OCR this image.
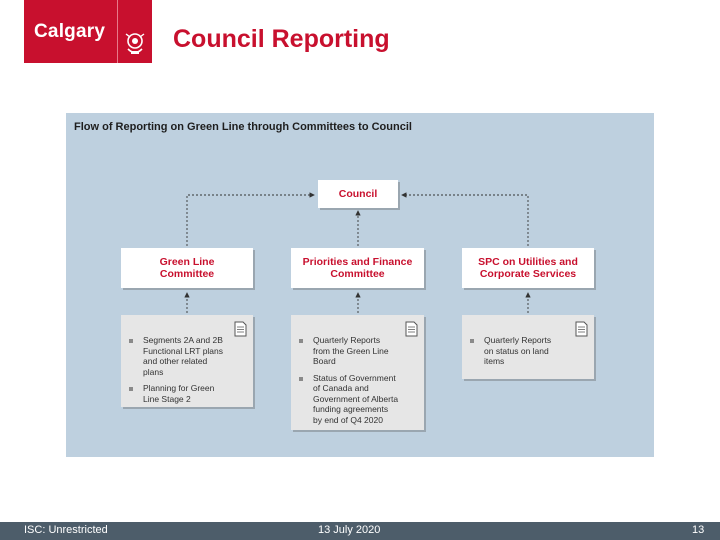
Calgary	Council Reporting

Flow of Reporting on Green Line through Committees to Council

Council
Green Line Committee
Priorities and Finance Committee
SPC on Utilities and Corporate Services
Segments 2A and 2B Functional LRT plans and other related plans
Planning for Green Line Stage 2
Quarterly Reports from the Green Line Board
Status of Government of Canada and Government of Alberta funding agreements by end of Q4 2020
Quarterly Reports on status on land items
ISC: Unrestricted	13 July 2020	13
